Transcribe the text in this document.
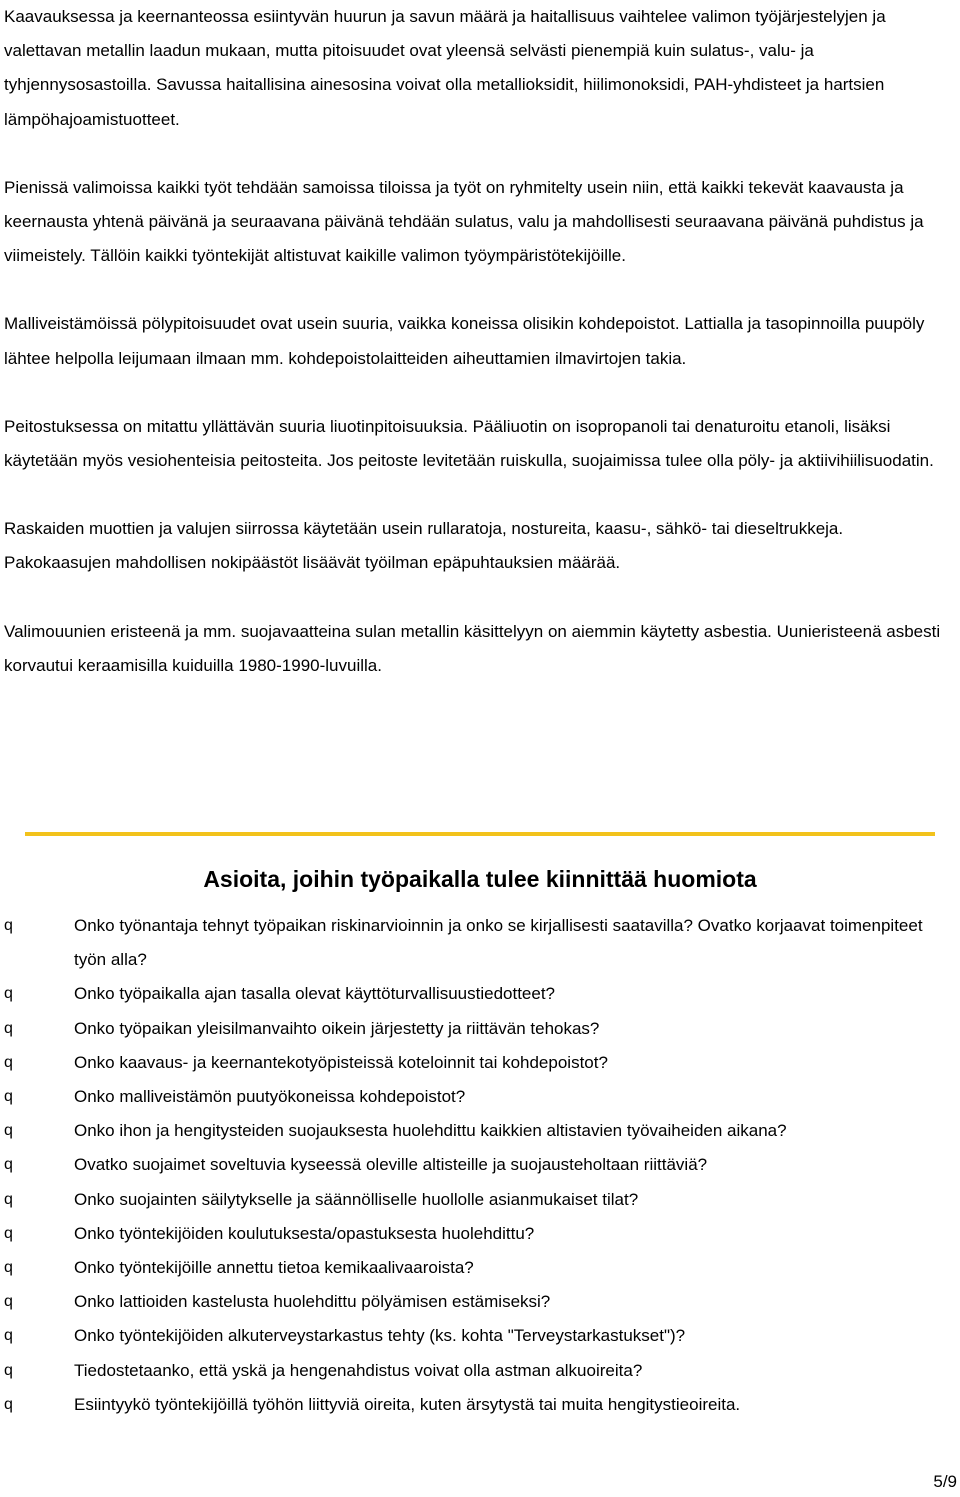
Kaavauksessa ja keernanteossa esiintyvän huurun ja savun määrä ja haitallisuus vaihtelee valimon työjärjestelyjen ja valettavan metallin laadun mukaan, mutta pitoisuudet ovat yleensä selvästi pienempiä kuin sulatus-, valu- ja tyhjennysosastoilla. Savussa haitallisina ainesosina voivat olla metallioksidit, hiilimonoksidi, PAH-yhdisteet ja hartsien lämpöhajoamistuotteet.

Pienissä valimoissa kaikki työt tehdään samoissa tiloissa ja työt on ryhmitelty usein niin, että kaikki tekevät kaavausta ja keernausta yhtenä päivänä ja seuraavana päivänä tehdään sulatus, valu ja mahdollisesti seuraavana päivänä puhdistus ja viimeistely. Tällöin kaikki työntekijät altistuvat kaikille valimon työympäristötekijöille.

Malliveistämöissä pölypitoisuudet ovat usein suuria, vaikka koneissa olisikin kohdepoistot. Lattialla ja tasopinnoilla puupöly lähtee helpolla leijumaan ilmaan mm. kohdepoistolaitteiden aiheuttamien ilmavirtojen takia.

Peitostuksessa on mitattu yllättävän suuria liuotinpitoisuuksia. Pääliuotin on isopropanoli tai denaturoitu etanoli, lisäksi käytetään myös vesiohenteisia peitosteita. Jos peitoste levitetään ruiskulla, suojaimissa tulee olla pöly- ja aktiivihiilisuodatin.

Raskaiden muottien ja valujen siirrossa käytetään usein rullaratoja, nostureita, kaasu-, sähkö- tai dieseltrukkeja. Pakokaasujen mahdollisen nokipäästöt lisäävät työilman epäpuhtauksien määrää.

Valimouunien eristeenä ja mm. suojavaatteina sulan metallin käsittelyyn on aiemmin käytetty asbestia. Uunieristeenä asbesti korvautui keraamisilla kuiduilla 1980-1990-luvuilla.

Asioita, joihin työpaikalla tulee kiinnittää huomiota
q	Onko työnantaja tehnyt työpaikan riskinarvioinnin ja onko se kirjallisesti saatavilla? Ovatko korjaavat toimenpiteet työn alla?
q	Onko työpaikalla ajan tasalla olevat käyttöturvallisuustiedotteet?
q	Onko työpaikan yleisilmanvaihto oikein järjestetty ja riittävän tehokas?
q	Onko kaavaus- ja keernantekotyöpisteissä koteloinnit tai kohdepoistot?
q	Onko malliveistämön puutyökoneissa kohdepoistot?
q	Onko ihon ja hengitysteiden suojauksesta huolehdittu kaikkien altistavien työvaiheiden aikana?
q	Ovatko suojaimet soveltuvia kyseessä oleville altisteille ja suojausteholtaan riittäviä?
q	Onko suojainten säilytykselle ja säännölliselle huollolle asianmukaiset tilat?
q	Onko työntekijöiden koulutuksesta/opastuksesta huolehdittu?
q	Onko työntekijöille annettu tietoa kemikaalivaaroista?
q	Onko lattioiden kastelusta huolehdittu pölyämisen estämiseksi?
q	Onko työntekijöiden alkuterveystarkastus tehty (ks. kohta "Terveystarkastukset")?
q	Tiedostetaanko, että yskä ja hengenahdistus voivat olla astman alkuoireita?
q	Esiintyykö työntekijöillä työhön liittyviä oireita, kuten ärsytystä tai muita hengitystieoireita.
5/9
